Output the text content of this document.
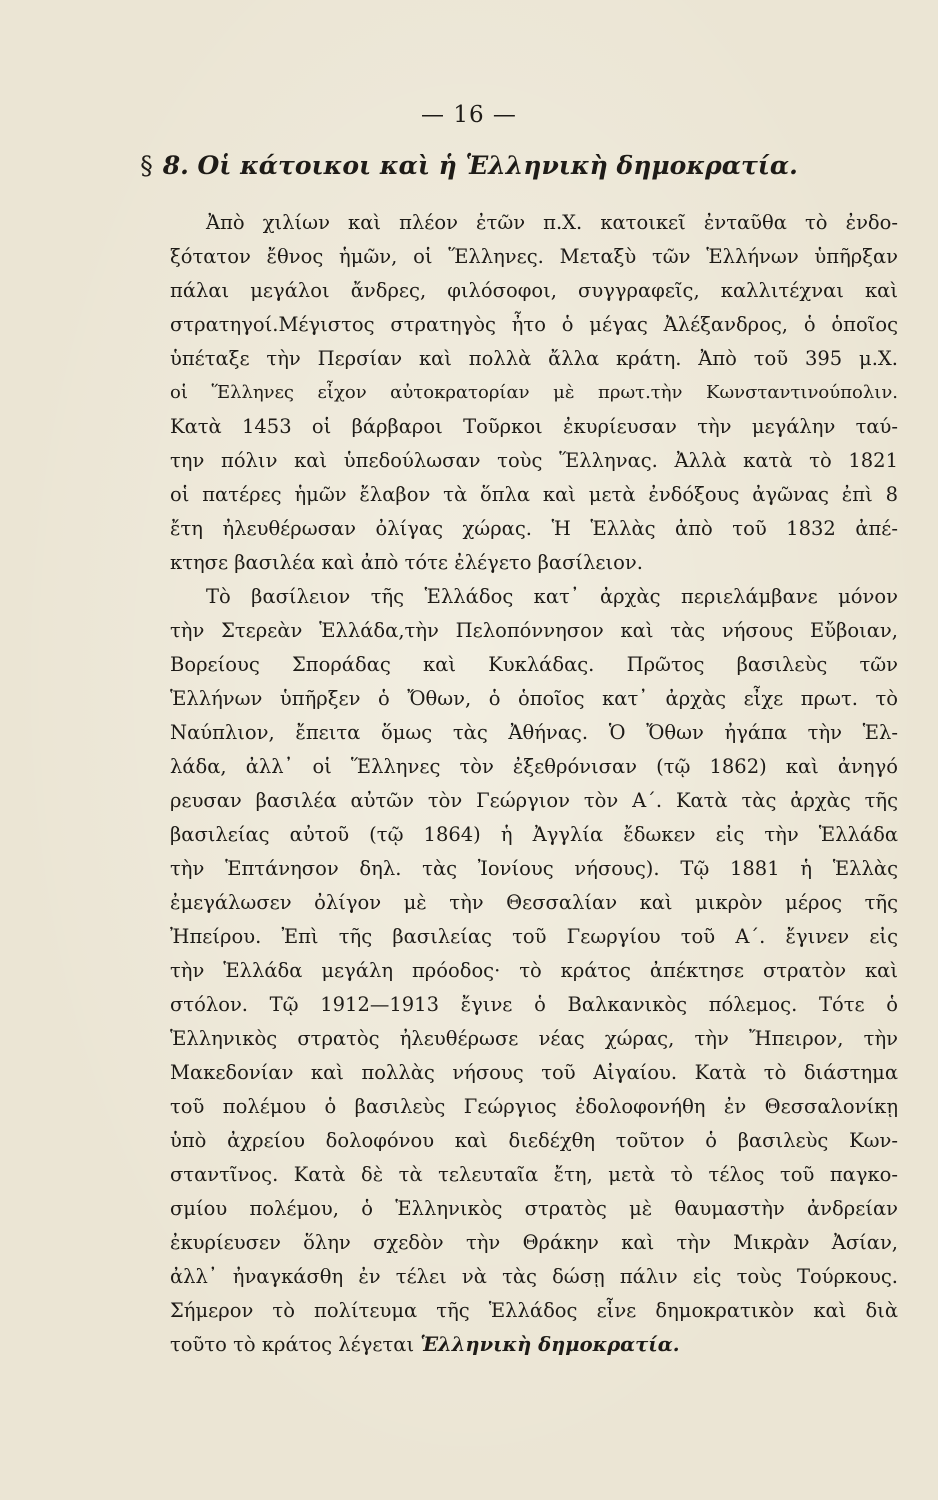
— 16 —
§ 8. Οἱ κάτοικοι καὶ ἡ Ἑλληνικὴ δημοκρατία.
Ἀπὸ χιλίων καὶ πλέον ἐτῶν π.Χ. κατοικεῖ ἐνταῦθα τὸ ἐνδο-
ξότατον ἔθνος ἡμῶν, οἱ Ἕλληνες. Μεταξὺ τῶν Ἑλλήνων ὑπῆρξαν
πάλαι μεγάλοι ἄνδρες, φιλόσοφοι, συγγραφεῖς, καλλιτέχναι καὶ
στρατηγοί.Μέγιστος στρατηγὸς ἦτο ὁ μέγας Ἀλέξανδρος, ὁ ὁποῖος
ὑπέταξε τὴν Περσίαν καὶ πολλὰ ἄλλα κράτη. Ἀπὸ τοῦ 395 μ.Χ.
οἱ Ἕλληνες εἶχον αὐτοκρατορίαν μὲ πρωτ.τὴν Κωνσταντινούπολιν.
Κατὰ 1453 οἱ βάρβαροι Τοῦρκοι ἐκυρίευσαν τὴν μεγάλην ταύ-
την πόλιν καὶ ὑπεδούλωσαν τοὺς Ἕλληνας. Ἀλλὰ κατὰ τὸ 1821
οἱ πατέρες ἡμῶν ἔλαβον τὰ ὅπλα καὶ μετὰ ἐνδόξους ἀγῶνας ἐπὶ 8
ἔτη ἠλευθέρωσαν ὀλίγας χώρας. Ἡ Ἑλλὰς ἀπὸ τοῦ 1832 ἀπέ-
κτησε βασιλέα καὶ ἀπὸ τότε ἐλέγετο βασίλειον.
Τὸ βασίλειον τῆς Ἑλλάδος κατ᾽ ἀρχὰς περιελάμβανε μόνον
τὴν Στερεὰν Ἑλλάδα,τὴν Πελοπόννησον καὶ τὰς νήσους Εὔβοιαν,
Βορείους Σποράδας καὶ Κυκλάδας. Πρῶτος βασιλεὺς τῶν
Ἑλλήνων ὑπῆρξεν ὁ Ὄθων, ὁ ὁποῖος κατ᾽ ἀρχὰς εἶχε πρωτ. τὸ
Ναύπλιον, ἔπειτα ὅμως τὰς Ἀθήνας. Ὁ Ὄθων ἠγάπα τὴν Ἑλ-
λάδα, ἀλλ᾽ οἱ Ἕλληνες τὸν ἐξεθρόνισαν (τῷ 1862) καὶ ἀνηγό
ρευσαν βασιλέα αὐτῶν τὸν Γεώργιον τὸν Α΄. Κατὰ τὰς ἀρχὰς τῆς
βασιλείας αὐτοῦ (τῷ 1864) ἡ Ἀγγλία ἔδωκεν εἰς τὴν Ἑλλάδα
τὴν Ἑπτάνησον δηλ. τὰς Ἰονίους νήσους). Τῷ 1881 ἡ Ἑλλὰς
ἐμεγάλωσεν ὀλίγον μὲ τὴν Θεσσαλίαν καὶ μικρὸν μέρος τῆς
Ἠπείρου. Ἐπὶ τῆς βασιλείας τοῦ Γεωργίου τοῦ Α΄. ἔγινεν εἰς
τὴν Ἑλλάδα μεγάλη πρόοδος· τὸ κράτος ἀπέκτησε στρατὸν καὶ
στόλον. Τῷ 1912—1913 ἔγινε ὁ Βαλκανικὸς πόλεμος. Τότε ὁ
Ἑλληνικὸς στρατὸς ἠλευθέρωσε νέας χώρας, τὴν Ἤπειρον, τὴν
Μακεδονίαν καὶ πολλὰς νήσους τοῦ Αἰγαίου. Κατὰ τὸ διάστημα
τοῦ πολέμου ὁ βασιλεὺς Γεώργιος ἐδολοφονήθη ἐν Θεσσαλονίκῃ
ὑπὸ ἀχρείου δολοφόνου καὶ διεδέχθη τοῦτον ὁ βασιλεὺς Κων-
σταντῖνος. Κατὰ δὲ τὰ τελευταῖα ἔτη, μετὰ τὸ τέλος τοῦ παγκο-
σμίου πολέμου, ὁ Ἑλληνικὸς στρατὸς μὲ θαυμαστὴν ἀνδρείαν
ἐκυρίευσεν ὅλην σχεδὸν τὴν Θράκην καὶ τὴν Μικρὰν Ἀσίαν,
ἀλλ᾽ ἠναγκάσθη ἐν τέλει νὰ τὰς δώσῃ πάλιν εἰς τοὺς Τούρκους.
Σήμερον τὸ πολίτευμα τῆς Ἑλλάδος εἶνε δημοκρατικὸν καὶ διὰ
τοῦτο τὸ κράτος λέγεται Ἑλληνικὴ δημοκρατία.
